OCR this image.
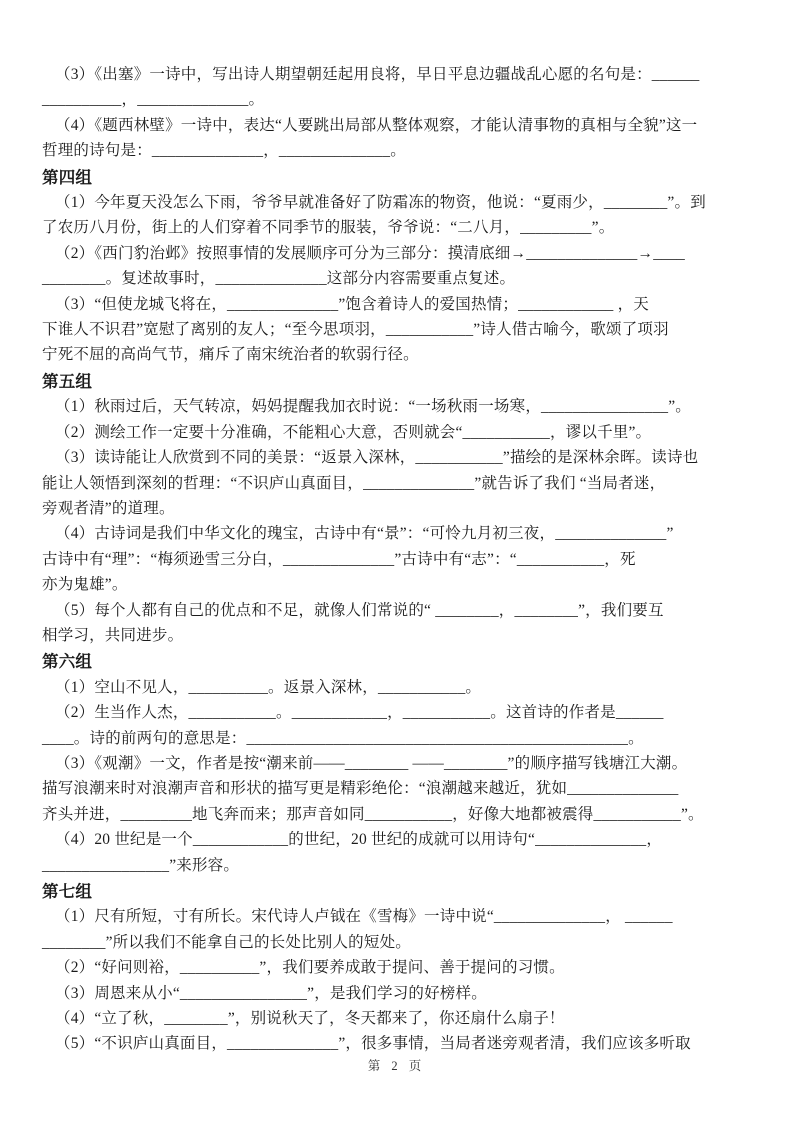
（3）《出塞》一诗中，写出诗人期望朝廷起用良将，早日平息边疆战乱心愿的名句是：______
__________，______________。
（4）《题西林壁》一诗中，表达“人要跳出局部从整体观察，才能认清事物的真相与全貌”这一
哲理的诗句是：______________，______________。
第四组
（1）今年夏天没怎么下雨，爷爷早就准备好了防霜冻的物资，他说：“夏雨少，________”。到
了农历八月份，街上的人们穿着不同季节的服装，爷爷说：“二八月，_________”。
（2）《西门豹治邺》按照事情的发展顺序可分为三部分：摸清底细→______________→____
________。复述故事时，______________这部分内容需要重点复述。
（3）“但使龙城飞将在，______________”饱含着诗人的爱国热情；____________ ，天
下谁人不识君”宽慰了离别的友人；“至今思项羽，___________”诗人借古喻今，歌颂了项羽
宁死不屈的高尚气节，痛斥了南宋统治者的软弱行径。
第五组
（1）秋雨过后，天气转凉，妈妈提醒我加衣时说：“一场秋雨一场寒，________________”。
（2）测绘工作一定要十分准确，不能粗心大意，否则就会“___________，谬以千里”。
（3）读诗能让人欣赏到不同的美景：“返景入深林，___________”描绘的是深林余晖。读诗也
能让人领悟到深刻的哲理：“不识庐山真面目，______________”就告诉了我们 “当局者迷，
旁观者清”的道理。
（4）古诗词是我们中华文化的瑰宝，古诗中有“景”：“可怜九月初三夜，______________”
古诗中有“理”：“梅须逊雪三分白，______________”古诗中有“志”：“___________，死
亦为鬼雄”。
（5）每个人都有自己的优点和不足，就像人们常说的“ ________，________”，我们要互
相学习，共同进步。
第六组
（1）空山不见人，__________。返景入深林，___________。
（2）生当作人杰，___________。____________，___________。这首诗的作者是______
____。诗的前两句的意思是：________________________________________________。
（3）《观潮》一文，作者是按“潮来前——________ ——________”的顺序描写钱塘江大潮。
描写浪潮来时对浪潮声音和形状的描写更是精彩绝伦：“浪潮越来越近，犹如______________
齐头并进，_________地飞奔而来；那声音如同___________，好像大地都被震得___________”。
（4）20 世纪是一个____________的世纪，20 世纪的成就可以用诗句“______________，
________________”来形容。
第七组
（1）尺有所短，寸有所长。宋代诗人卢钺在《雪梅》一诗中说“______________， ______
________”所以我们不能拿自己的长处比别人的短处。
（2）“好问则裕，__________”，我们要养成敢于提问、善于提问的习惯。
（3）周恩来从小“________________”，是我们学习的好榜样。
（4）“立了秋，________”，别说秋天了，冬天都来了，你还扇什么扇子！
（5）“不识庐山真面目，______________”，很多事情，当局者迷旁观者清，我们应该多听取
第 2 页
